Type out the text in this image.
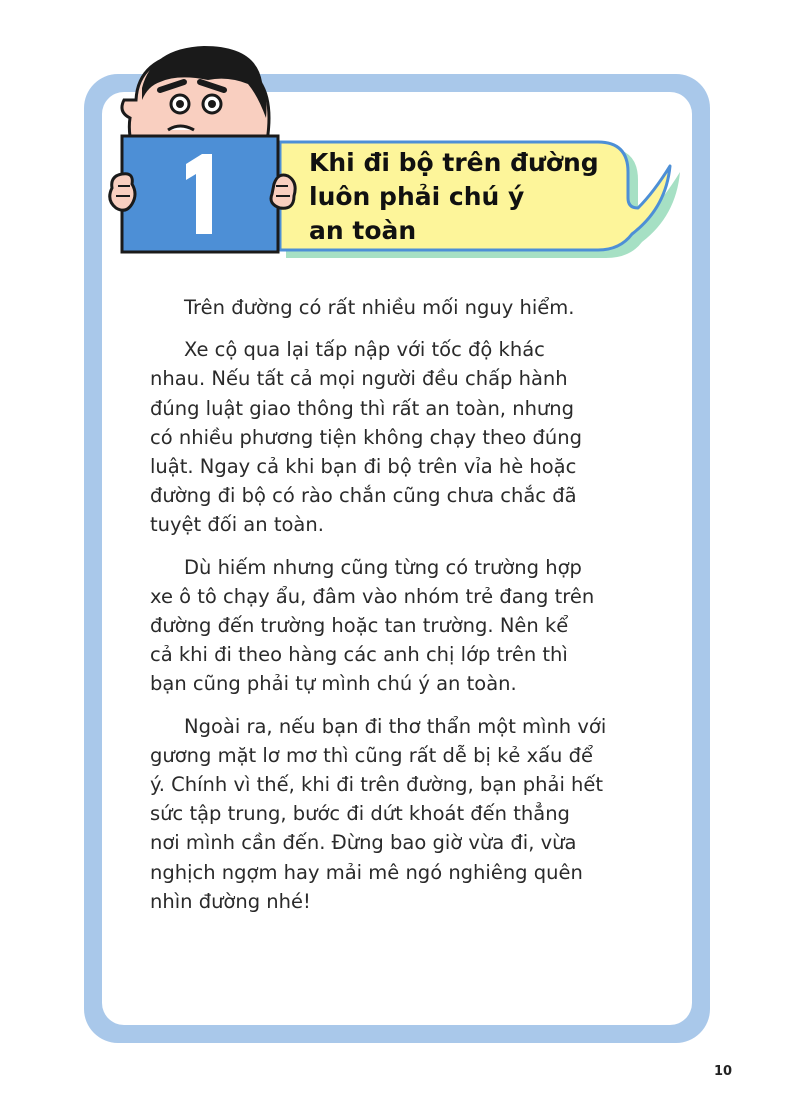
Khi đi bộ trên đường
luôn phải chú ý
an toàn

Trên đường có rất nhiều mối nguy hiểm.

Xe cộ qua lại tấp nập với tốc độ khác
nhau. Nếu tất cả mọi người đều chấp hành
đúng luật giao thông thì rất an toàn, nhưng
có nhiều phương tiện không chạy theo đúng
luật. Ngay cả khi bạn đi bộ trên vỉa hè hoặc
đường đi bộ có rào chắn cũng chưa chắc đã
tuyệt đối an toàn.

Dù hiếm nhưng cũng từng có trường hợp
xe ô tô chạy ẩu, đâm vào nhóm trẻ đang trên
đường đến trường hoặc tan trường. Nên kể
cả khi đi theo hàng các anh chị lớp trên thì
bạn cũng phải tự mình chú ý an toàn.

Ngoài ra, nếu bạn đi thơ thẩn một mình với
gương mặt lơ mơ thì cũng rất dễ bị kẻ xấu để
ý. Chính vì thế, khi đi trên đường, bạn phải hết
sức tập trung, bước đi dứt khoát đến thẳng
nơi mình cần đến. Đừng bao giờ vừa đi, vừa
nghịch ngợm hay mải mê ngó nghiêng quên
nhìn đường nhé!

10
